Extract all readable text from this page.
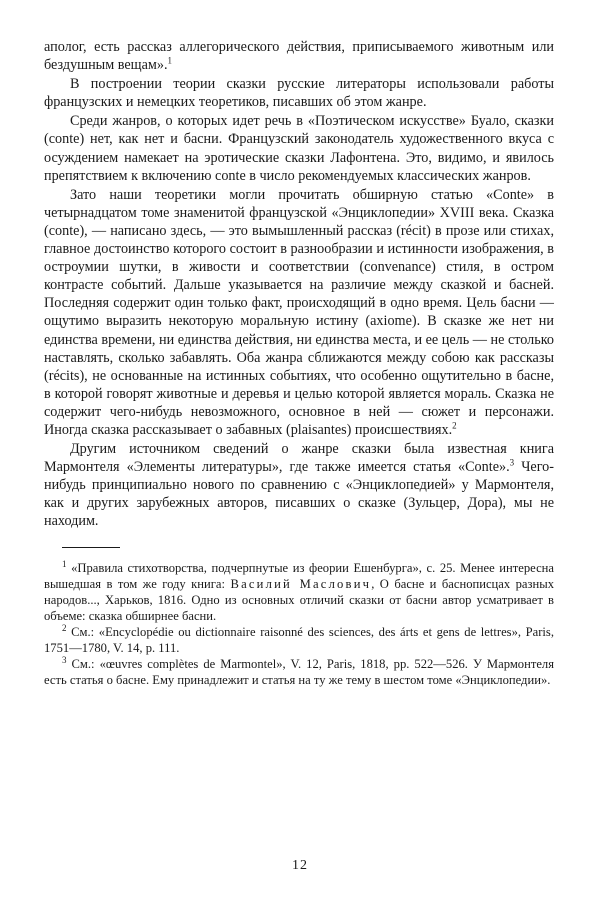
аполог, есть рассказ аллегорического действия, приписываемого животным или бездушным вещам».$^1$

В построении теории сказки русские литераторы использовали работы французских и немецких теоретиков, писавших об этом жанре.

Среди жанров, о которых идет речь в «Поэтическом искусстве» Буало, сказки (conte) нет, как нет и басни. Французский законодатель художественного вкуса с осуждением намекает на эротические сказки Лафонтена. Это, видимо, и явилось препятствием к включению conte в число рекомендуемых классических жанров.

Зато наши теоретики могли прочитать обширную статью «Conte» в четырнадцатом томе знаменитой французской «Энциклопедии» XVIII века. Сказка (conte), — написано здесь, — это вымышленный рассказ (récit) в прозе или стихах, главное достоинство которого состоит в разнообразии и истинности изображения, в остроумии шутки, в живости и соответствии (convenance) стиля, в остром контрасте событий. Дальше указывается на различие между сказкой и басней. Последняя содержит один только факт, происходящий в одно время. Цель басни — ощутимо выразить некоторую моральную истину (axiome). В сказке же нет ни единства времени, ни единства действия, ни единства места, и ее цель — не столько наставлять, сколько забавлять. Оба жанра сближаются между собою как рассказы (récits), не основанные на истинных событиях, что особенно ощутительно в басне, в которой говорят животные и деревья и целью которой является мораль. Сказка не содержит чего-нибудь невозможного, основное в ней — сюжет и персонажи. Иногда сказка рассказывает о забавных (plaisantes) происшествиях.$^2$

Другим источником сведений о жанре сказки была известная книга Мармонтеля «Элементы литературы», где также имеется статья «Conte».$^3$ Чего-нибудь принципиально нового по сравнению с «Энциклопедией» у Мармонтеля, как и других зарубежных авторов, писавших о сказке (Зульцер, Дора), мы не находим.

$^1$ «Правила стихотворства, подчерпнутые из феории Ешенбурга», с. 25. Менее интересна вышедшая в том же году книга: Василий Маслович, О басне и баснописцах разных народов..., Харьков, 1816. Одно из основных отличий сказки от басни автор усматривает в объеме: сказка обширнее басни.

$^2$ См.: «Encyclopédie ou dictionnaire raisonné des sciences, des árts et gens de lettres», Paris, 1751—1780, V. 14, p. 111.

$^3$ См.: «œuvres complètes de Marmontel», V. 12, Paris, 1818, pp. 522—526. У Мармонтеля есть статья о басне. Ему принадлежит и статья на ту же тему в шестом томе «Энциклопедии».

12
